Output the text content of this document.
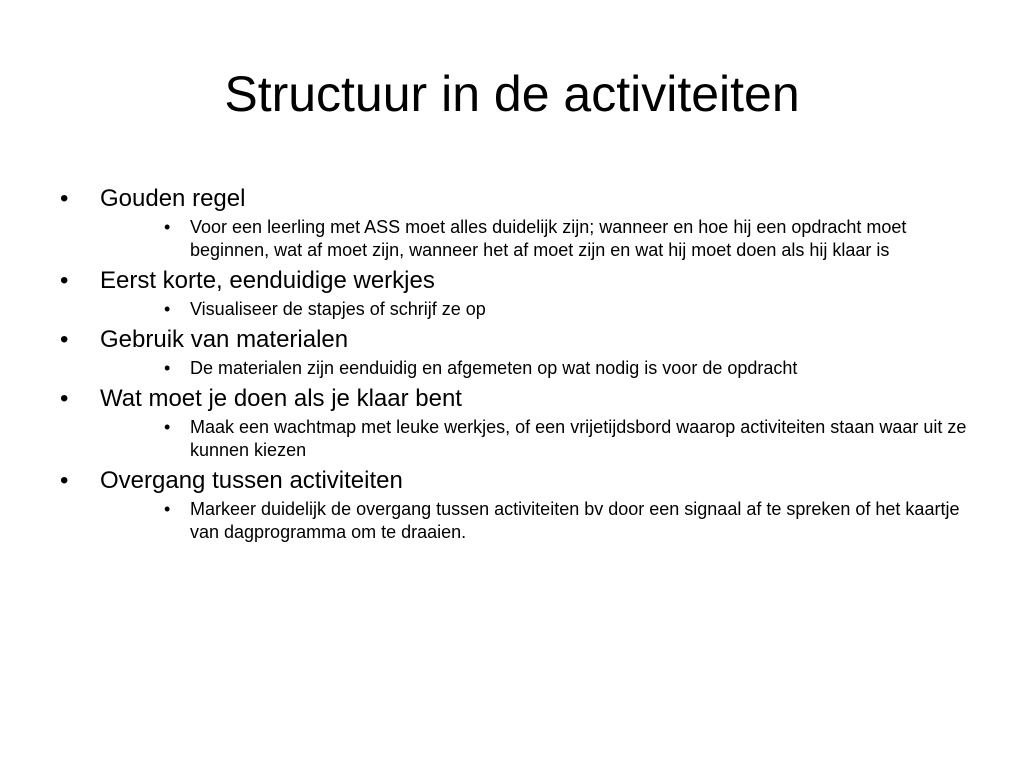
Structuur in de activiteiten
• Gouden regel
• Voor een leerling met ASS moet alles duidelijk zijn; wanneer en hoe hij een opdracht moet beginnen, wat af moet zijn, wanneer het af moet zijn en wat hij moet doen als hij klaar is
• Eerst korte, eenduidige werkjes
• Visualiseer de stapjes of schrijf ze op
• Gebruik van materialen
• De materialen zijn eenduidig en afgemeten op wat nodig is voor de opdracht
• Wat moet je doen als je klaar bent
• Maak een wachtmap met leuke werkjes, of een vrijetijdsbord waarop activiteiten staan waar uit ze kunnen kiezen
• Overgang tussen activiteiten
• Markeer duidelijk de overgang tussen activiteiten bv door een signaal af te spreken of het kaartje van dagprogramma om te draaien.
